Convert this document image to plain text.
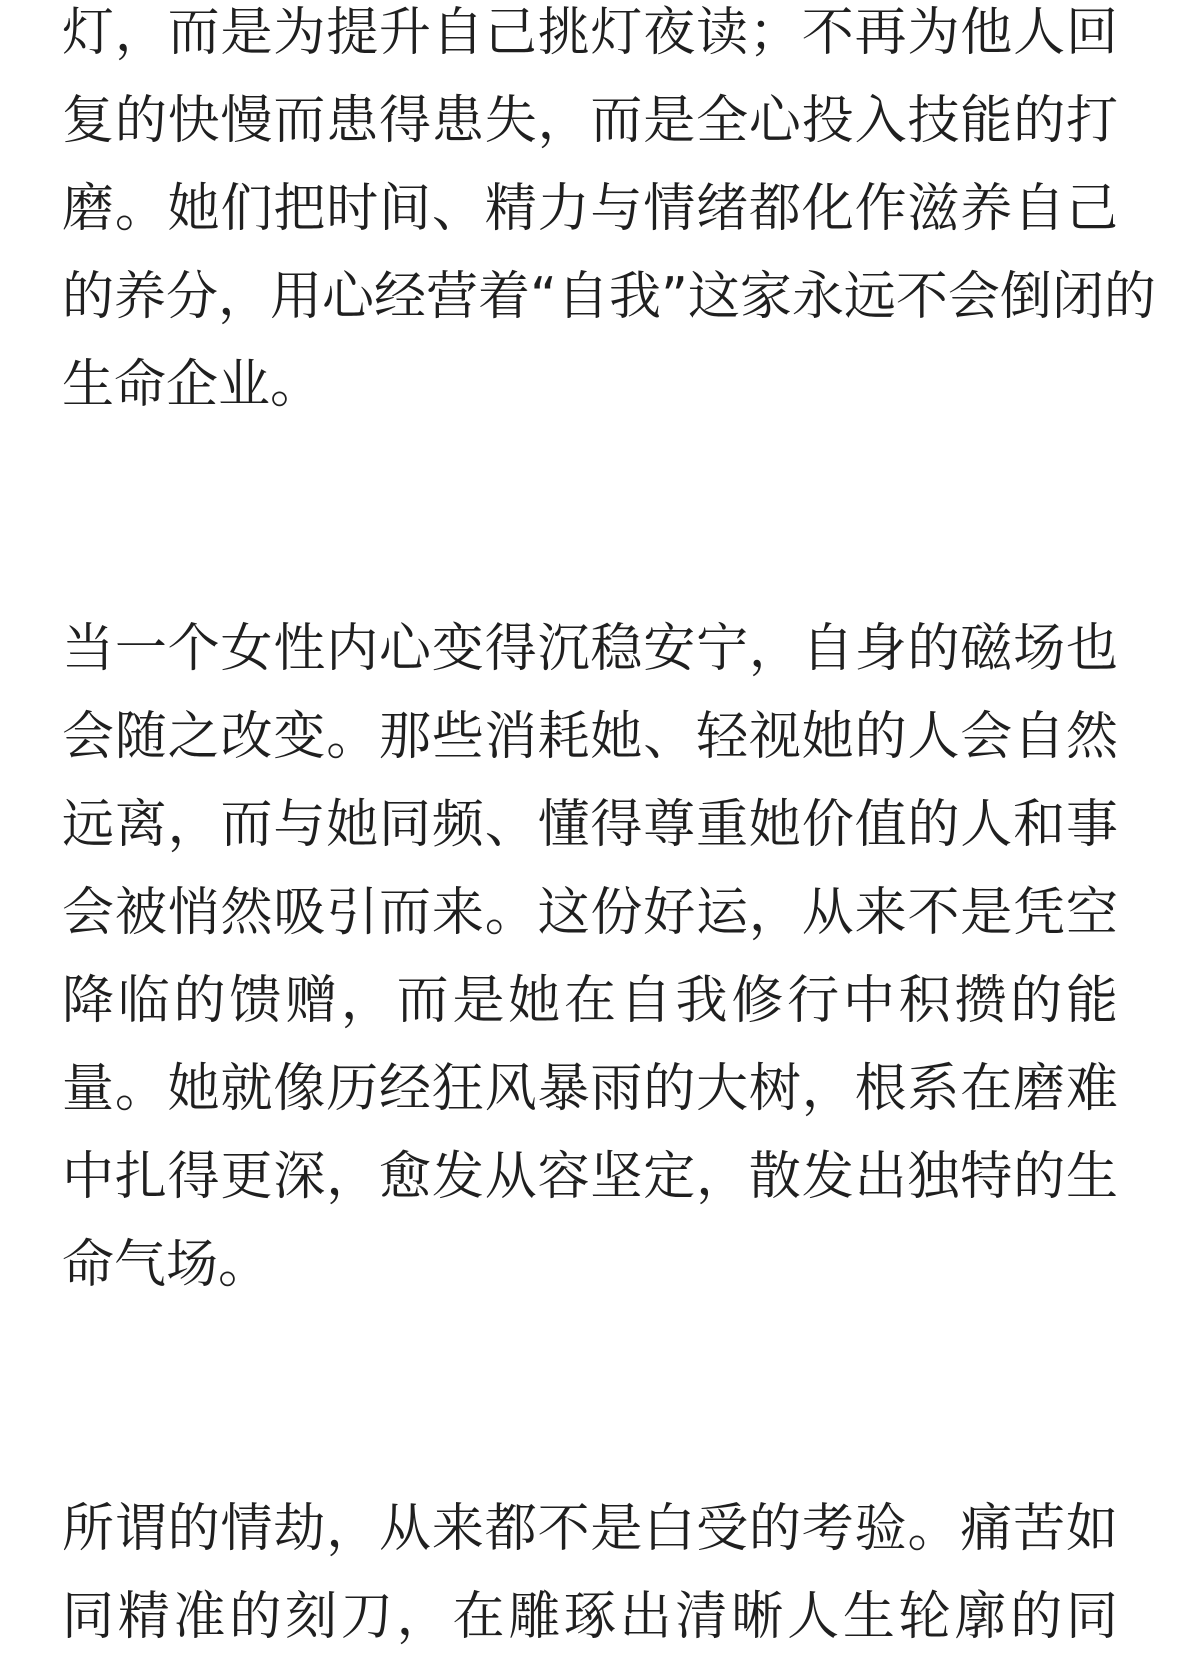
灯，而是为提升自己挑灯夜读；不再为他人回
复的快慢而患得患失，而是全心投入技能的打
磨。她们把时间、精力与情绪都化作滋养自己
的养分，用心经营着“自我”这家永远不会倒闭的
生命企业。
当一个女性内心变得沉稳安宁，自身的磁场也
会随之改变。那些消耗她、轻视她的人会自然
远离，而与她同频、懂得尊重她价值的人和事
会被悄然吸引而来。这份好运，从来不是凭空
降临的馈赠，而是她在自我修行中积攒的能
量。她就像历经狂风暴雨的大树，根系在磨难
中扎得更深，愈发从容坚定，散发出独特的生
命气场。
所谓的情劫，从来都不是白受的考验。痛苦如
同精准的刻刀，在雕琢出清晰人生轮廓的同
